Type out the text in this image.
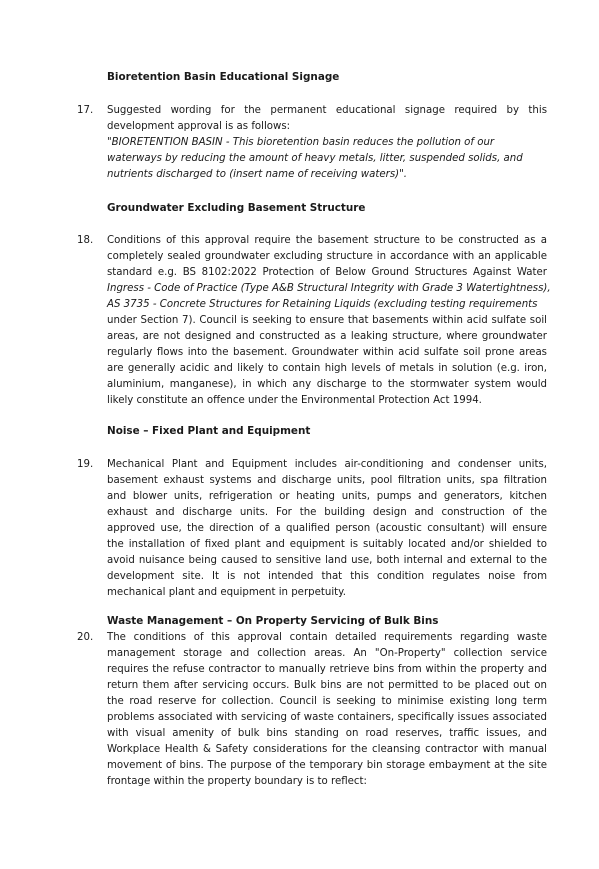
Bioretention Basin Educational Signage
17. Suggested wording for the permanent educational signage required by this
development approval is as follows:
"BIORETENTION BASIN - This bioretention basin reduces the pollution of our
waterways by reducing the amount of heavy metals, litter, suspended solids, and
nutrients discharged to (insert name of receiving waters)".
Groundwater Excluding Basement Structure
18. Conditions of this approval require the basement structure to be constructed as a
completely sealed groundwater excluding structure in accordance with an applicable
standard e.g. BS 8102:2022 Protection of Below Ground Structures Against Water
Ingress - Code of Practice (Type A&B Structural Integrity with Grade 3 Watertightness),
AS 3735 - Concrete Structures for Retaining Liquids (excluding testing requirements
under Section 7). Council is seeking to ensure that basements within acid sulfate soil
areas, are not designed and constructed as a leaking structure, where groundwater
regularly flows into the basement. Groundwater within acid sulfate soil prone areas
are generally acidic and likely to contain high levels of metals in solution (e.g. iron,
aluminium, manganese), in which any discharge to the stormwater system would
likely constitute an offence under the Environmental Protection Act 1994.
Noise – Fixed Plant and Equipment
19. Mechanical Plant and Equipment includes air-conditioning and condenser units,
basement exhaust systems and discharge units, pool filtration units, spa filtration
and blower units, refrigeration or heating units, pumps and generators, kitchen
exhaust and discharge units. For the building design and construction of the
approved use, the direction of a qualified person (acoustic consultant) will ensure
the installation of fixed plant and equipment is suitably located and/or shielded to
avoid nuisance being caused to sensitive land use, both internal and external to the
development site. It is not intended that this condition regulates noise from
mechanical plant and equipment in perpetuity.
Waste Management – On Property Servicing of Bulk Bins
20. The conditions of this approval contain detailed requirements regarding waste
management storage and collection areas. An "On-Property" collection service
requires the refuse contractor to manually retrieve bins from within the property and
return them after servicing occurs. Bulk bins are not permitted to be placed out on
the road reserve for collection. Council is seeking to minimise existing long term
problems associated with servicing of waste containers, specifically issues associated
with visual amenity of bulk bins standing on road reserves, traffic issues, and
Workplace Health & Safety considerations for the cleansing contractor with manual
movement of bins. The purpose of the temporary bin storage embayment at the site
frontage within the property boundary is to reflect:
